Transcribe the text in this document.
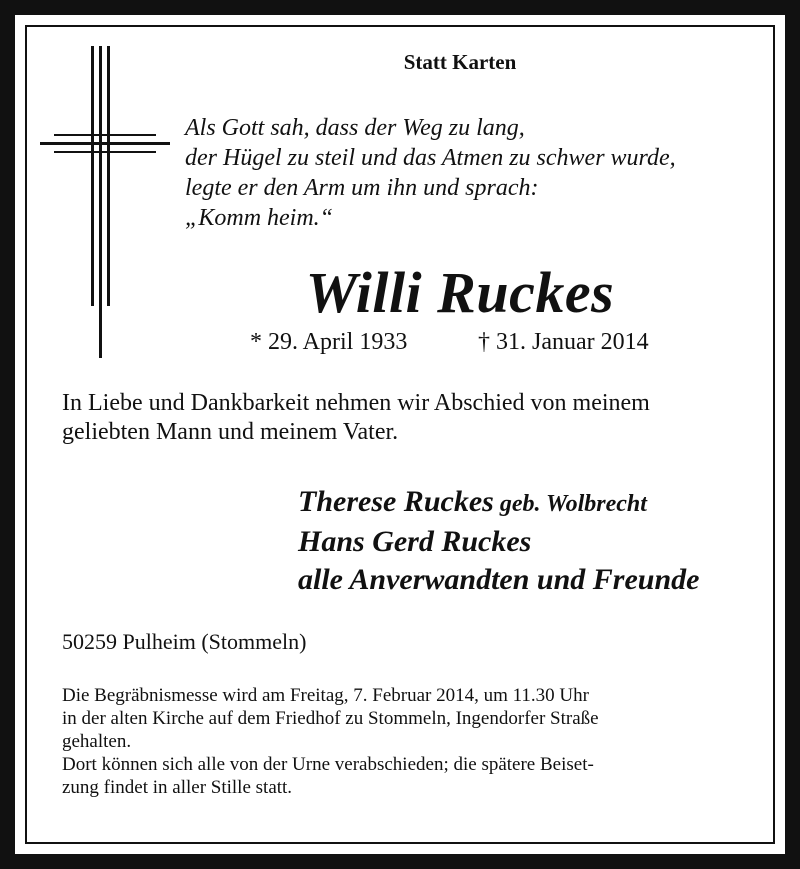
Statt Karten
Als Gott sah, dass der Weg zu lang,
der Hügel zu steil und das Atmen zu schwer wurde,
legte er den Arm um ihn und sprach:
„Komm heim.“
Willi Ruckes
* 29. April 1933	† 31. Januar 2014
In Liebe und Dankbarkeit nehmen wir Abschied von meinem
geliebten Mann und meinem Vater.
Therese Ruckes geb. Wolbrecht
Hans Gerd Ruckes
alle Anverwandten und Freunde
50259 Pulheim (Stommeln)
Die Begräbnismesse wird am Freitag, 7. Februar 2014, um 11.30 Uhr
in der alten Kirche auf dem Friedhof zu Stommeln, Ingendorfer Straße
gehalten.
Dort können sich alle von der Urne verabschieden; die spätere Beiset-
zung findet in aller Stille statt.
